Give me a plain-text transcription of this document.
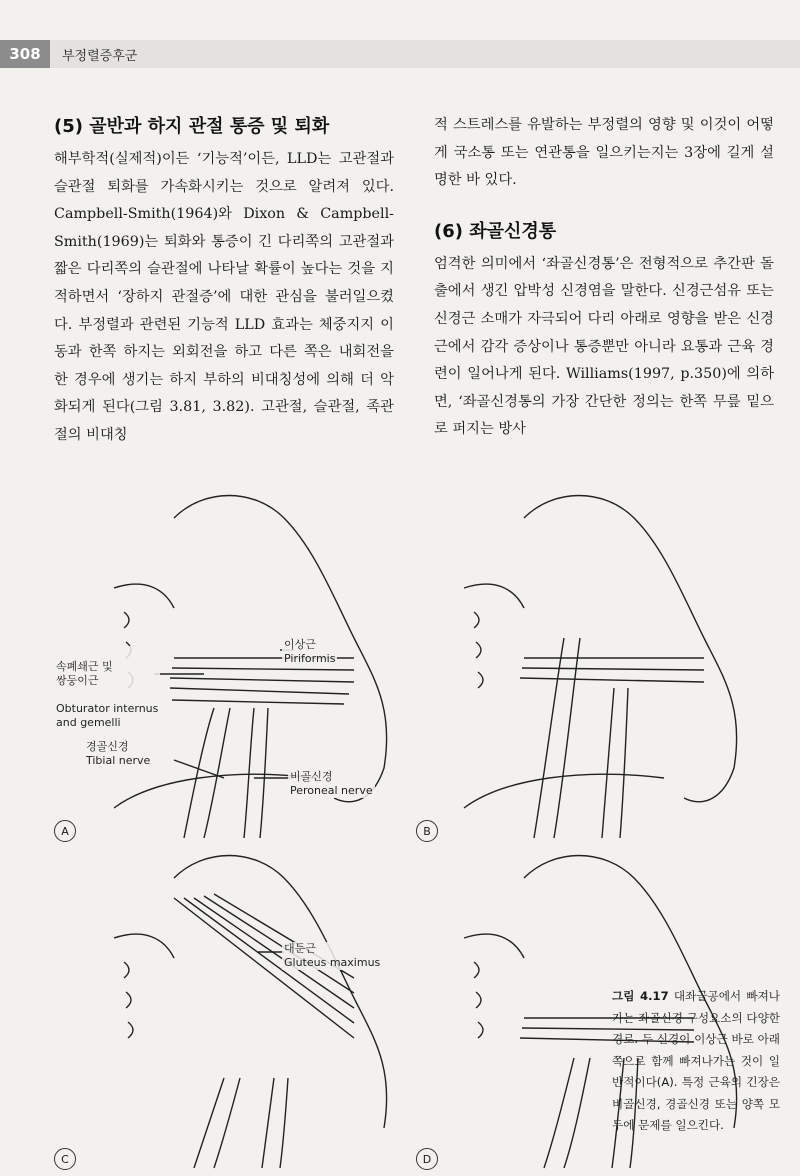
308	부정렬증후군
(5) 골반과 하지 관절 통증 및 퇴화

해부학적(실제적)이든 ‘기능적’이든, LLD는 고관절과 슬관절 퇴화를 가속화시키는 것으로 알려져 있다. Campbell-Smith(1964)와 Dixon & Campbell-Smith(1969)는 퇴화와 통증이 긴 다리쪽의 고관절과 짧은 다리쪽의 슬관절에 나타날 확률이 높다는 것을 지적하면서 ‘장하지 관절증’에 대한 관심을 불러일으켰다. 부정렬과 관련된 기능적 LLD 효과는 체중지지 이동과 한쪽 하지는 외회전을 하고 다른 쪽은 내회전을 한 경우에 생기는 하지 부하의 비대칭성에 의해 더 악화되게 된다(그림 3.81, 3.82). 고관절, 슬관절, 족관절의 비대칭

적 스트레스를 유발하는 부정렬의 영향 및 이것이 어떻게 국소통 또는 연관통을 일으키는지는 3장에 길게 설명한 바 있다.

(6) 좌골신경통

엄격한 의미에서 ‘좌골신경통’은 전형적으로 추간판 돌출에서 생긴 압박성 신경염을 말한다. 신경근섬유 또는 신경근 소매가 자극되어 다리 아래로 영향을 받은 신경근에서 감각 증상이나 통증뿐만 아니라 요통과 근육 경련이 일어나게 된다. Williams(1997, p.350)에 의하면, ‘좌골신경통의 가장 간단한 정의는 한쪽 무릎 밑으로 퍼지는 방사

이상근
Piriformis

속폐쇄근 및
쌍둥이근

Obturator internus
and gemelli

경골신경
Tibial nerve
비골신경
Peroneal nerve
대둔근
Gluteus maximus
A	B
C	D
그림 4.17 대좌골공에서 빠져나가는 좌골신경 구성요소의 다양한 경로. 두 신경이 이상근 바로 아래쪽으로 함께 빠져나가는 것이 일반적이다(A). 특정 근육의 긴장은 비골신경, 경골신경 또는 양쪽 모두에 문제를 일으킨다.
